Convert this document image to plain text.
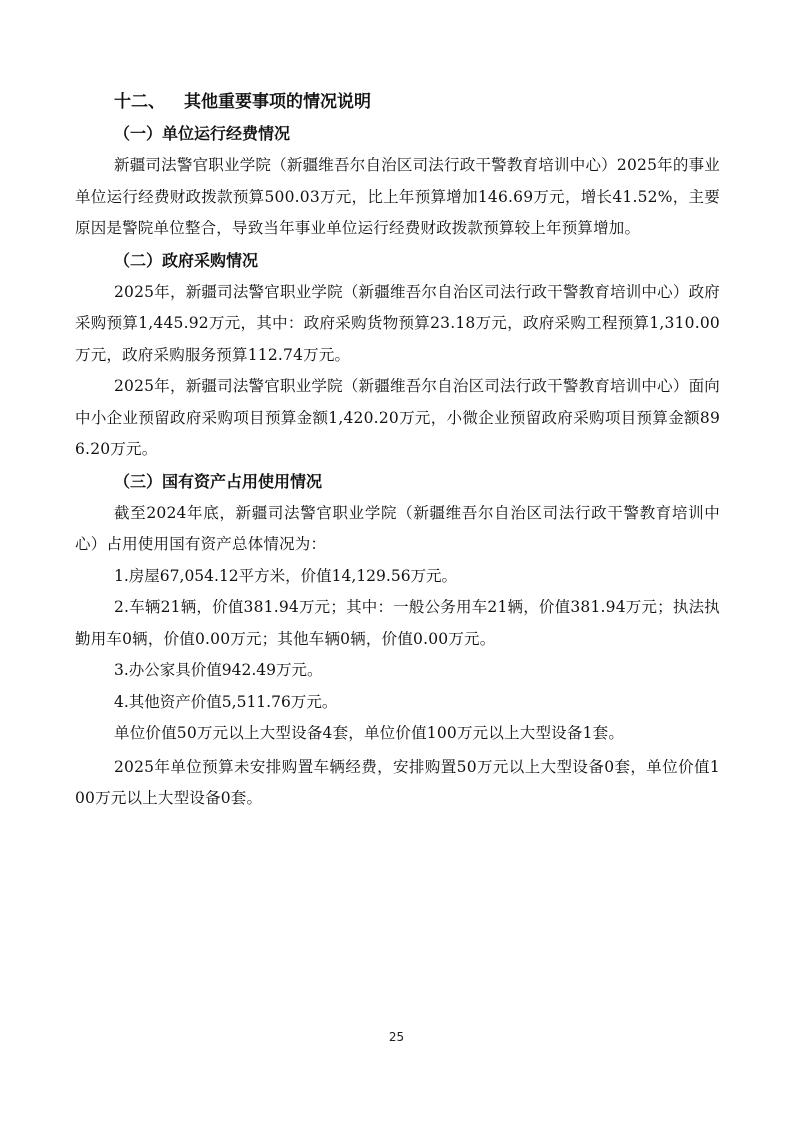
十二、 其他重要事项的情况说明
（一）单位运行经费情况

新疆司法警官职业学院（新疆维吾尔自治区司法行政干警教育培训中心）2025年的事业单位运行经费财政拨款预算500.03万元，比上年预算增加146.69万元，增长41.52%，主要原因是警院单位整合，导致当年事业单位运行经费财政拨款预算较上年预算增加。

（二）政府采购情况

2025年，新疆司法警官职业学院（新疆维吾尔自治区司法行政干警教育培训中心）政府采购预算1,445.92万元，其中：政府采购货物预算23.18万元，政府采购工程预算1,310.00万元，政府采购服务预算112.74万元。

2025年，新疆司法警官职业学院（新疆维吾尔自治区司法行政干警教育培训中心）面向中小企业预留政府采购项目预算金额1,420.20万元，小微企业预留政府采购项目预算金额896.20万元。

（三）国有资产占用使用情况

截至2024年底，新疆司法警官职业学院（新疆维吾尔自治区司法行政干警教育培训中心）占用使用国有资产总体情况为：

1.房屋67,054.12平方米，价值14,129.56万元。

2.车辆21辆，价值381.94万元；其中：一般公务用车21辆，价值381.94万元；执法执勤用车0辆，价值0.00万元；其他车辆0辆，价值0.00万元。

3.办公家具价值942.49万元。

4.其他资产价值5,511.76万元。

单位价值50万元以上大型设备4套，单位价值100万元以上大型设备1套。

2025年单位预算未安排购置车辆经费，安排购置50万元以上大型设备0套，单位价值100万元以上大型设备0套。

25
